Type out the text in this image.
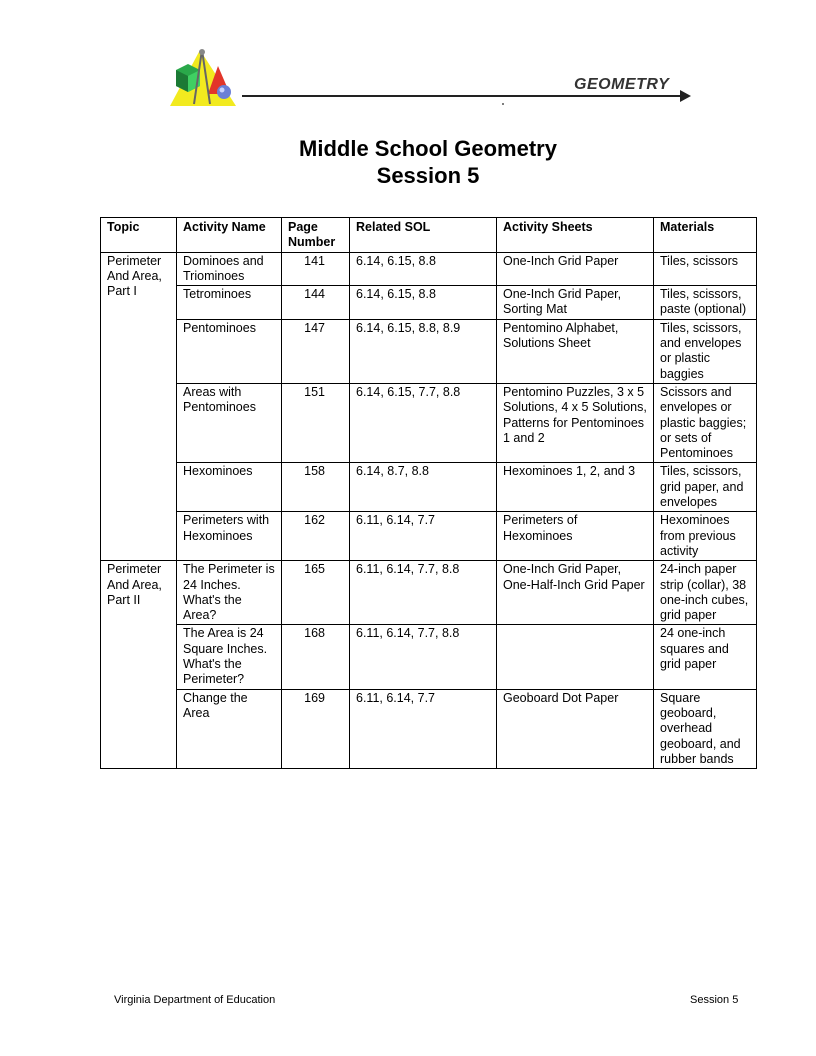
GEOMETRY
Middle School Geometry
Session 5
Topic	Activity Name	Page Number	Related SOL	Activity Sheets	Materials
Perimeter And Area, Part I	Dominoes and Triominoes	141	6.14, 6.15, 8.8	One-Inch Grid Paper	Tiles, scissors
	Tetrominoes	144	6.14, 6.15, 8.8	One-Inch Grid Paper, Sorting Mat	Tiles, scissors, paste (optional)
	Pentominoes	147	6.14, 6.15, 8.8, 8.9	Pentomino Alphabet, Solutions Sheet	Tiles, scissors, and envelopes or plastic baggies
	Areas with Pentominoes	151	6.14, 6.15, 7.7, 8.8	Pentomino Puzzles, 3 x 5 Solutions, 4 x 5 Solutions, Patterns for Pentominoes 1 and 2	Scissors and envelopes or plastic baggies; or sets of Pentominoes
	Hexominoes	158	6.14, 8.7, 8.8	Hexominoes 1, 2, and 3	Tiles, scissors, grid paper, and envelopes
	Perimeters with Hexominoes	162	6.11, 6.14, 7.7	Perimeters of Hexominoes	Hexominoes from previous activity
Perimeter And Area, Part II	The Perimeter is 24 Inches. What's the Area?	165	6.11, 6.14, 7.7, 8.8	One-Inch Grid Paper, One-Half-Inch Grid Paper	24-inch paper strip (collar), 38 one-inch cubes, grid paper
	The Area is 24 Square Inches. What's the Perimeter?	168	6.11, 6.14, 7.7, 8.8		24 one-inch squares and grid paper
	Change the Area	169	6.11, 6.14, 7.7	Geoboard Dot Paper	Square geoboard, overhead geoboard, and rubber bands
Virginia Department of Education	Session 5
